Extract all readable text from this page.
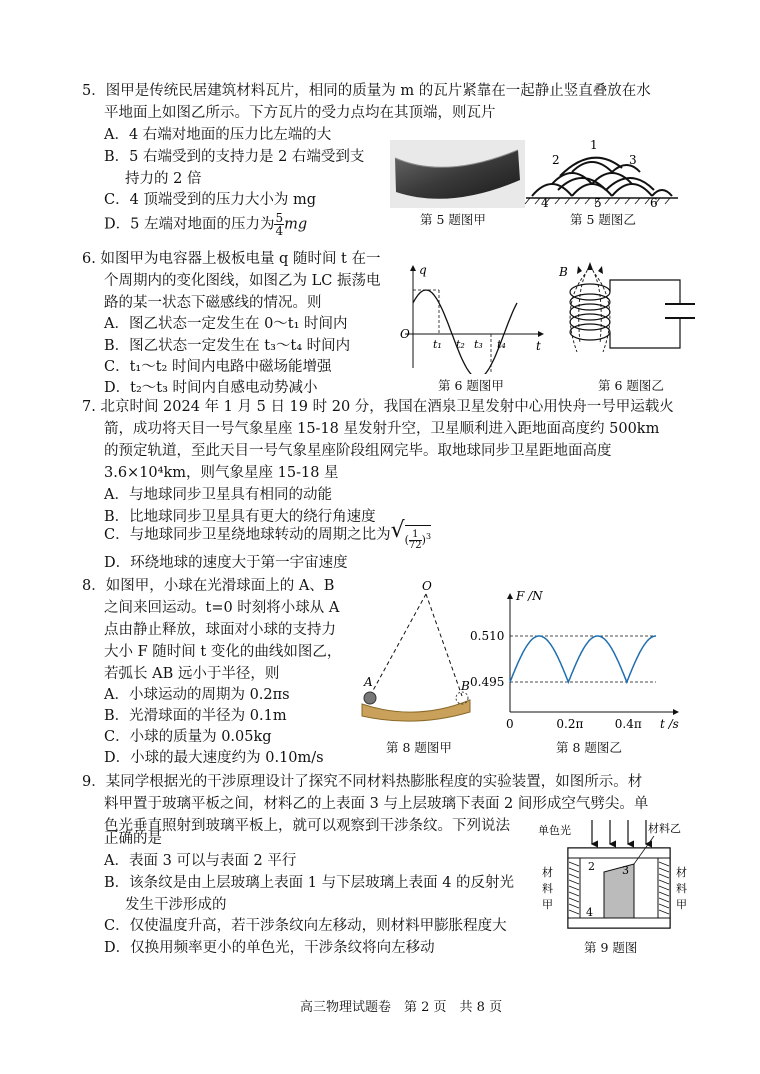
5．图甲是传统民居建筑材料瓦片，相同的质量为 m 的瓦片紧靠在一起静止竖直叠放在水
平地面上如图乙所示。下方瓦片的受力点均在其顶端，则瓦片
A．4 右端对地面的压力比左端的大
B．5 右端受到的支持力是 2 右端受到支
持力的 2 倍
C．4 顶端受到的压力大小为 mg
D．5 左端对地面的压力为 $\frac{5}{4}$ mg	第 5 题图甲
1
2	3
4	5	6
第 5 题图乙
6. 如图甲为电容器上极板电量 q 随时间 t 在一
个周期内的变化图线，如图乙为 LC 振荡电
路的某一状态下磁感线的情况。则
A．图乙状态一定发生在 0～t₁ 时间内
B．图乙状态一定发生在 t₃～t₄ 时间内
C．t₁～t₂ 时间内电路中磁场能增强
D．t₂～t₃ 时间内自感电动势减小
q
t
O
t₁ t₂ t₃ t₄
第 6 题图甲
B
第 6 题图乙
7. 北京时间 2024 年 1 月 5 日 19 时 20 分，我国在酒泉卫星发射中心用快舟一号甲运载火
箭，成功将天目一号气象星座 15-18 星发射升空，卫星顺利进入距地面高度约 500km
的预定轨道，至此天目一号气象星座阶段组网完毕。取地球同步卫星距地面高度
3.6×10⁴km，则气象星座 15-18 星
A．与地球同步卫星具有相同的动能
B．比地球同步卫星具有更大的绕行角速度
C．与地球同步卫星绕地球转动的周期之比为√( $\frac{1}{72} )^3$
D．环绕地球的速度大于第一宇宙速度
8．如图甲，小球在光滑球面上的 A、B
之间来回运动。t=0 时刻将小球从 A
点由静止释放，球面对小球的支持力
大小 F 随时间 t 变化的曲线如图乙，
若弧长 AB 远小于半径，则
A．小球运动的周期为 0.2πs
B．光滑球面的半径为 0.1m
C．小球的质量为 0.05kg
D．小球的最大速度约为 0.10m/s
O
A	B
第 8 题图甲
F /N
t /s
0.510
0.495
0	0.2π	0.4π
第 8 题图乙
9．某同学根据光的干涉原理设计了探究不同材料热膨胀程度的实验装置，如图所示。材
料甲置于玻璃平板之间，材料乙的上表面 3 与上层玻璃下表面 2 间形成空气劈尖。单
色光垂直照射到玻璃平板上，就可以观察到干涉条纹。下列说法
正确的是
A．表面 3 可以与表面 2 平行
B．该条纹是由上层玻璃上表面 1 与下层玻璃上表面 4 的反射光
发生干涉形成的
C．仅使温度升高，若干涉条纹向左移动，则材料甲膨胀程度大
D．仅换用频率更小的单色光，干涉条纹将向左移动
单色光	材料乙
2 3
4
材
料
甲
材
料
甲
第 9 题图
高三物理试题卷　第 2 页　共 8 页
